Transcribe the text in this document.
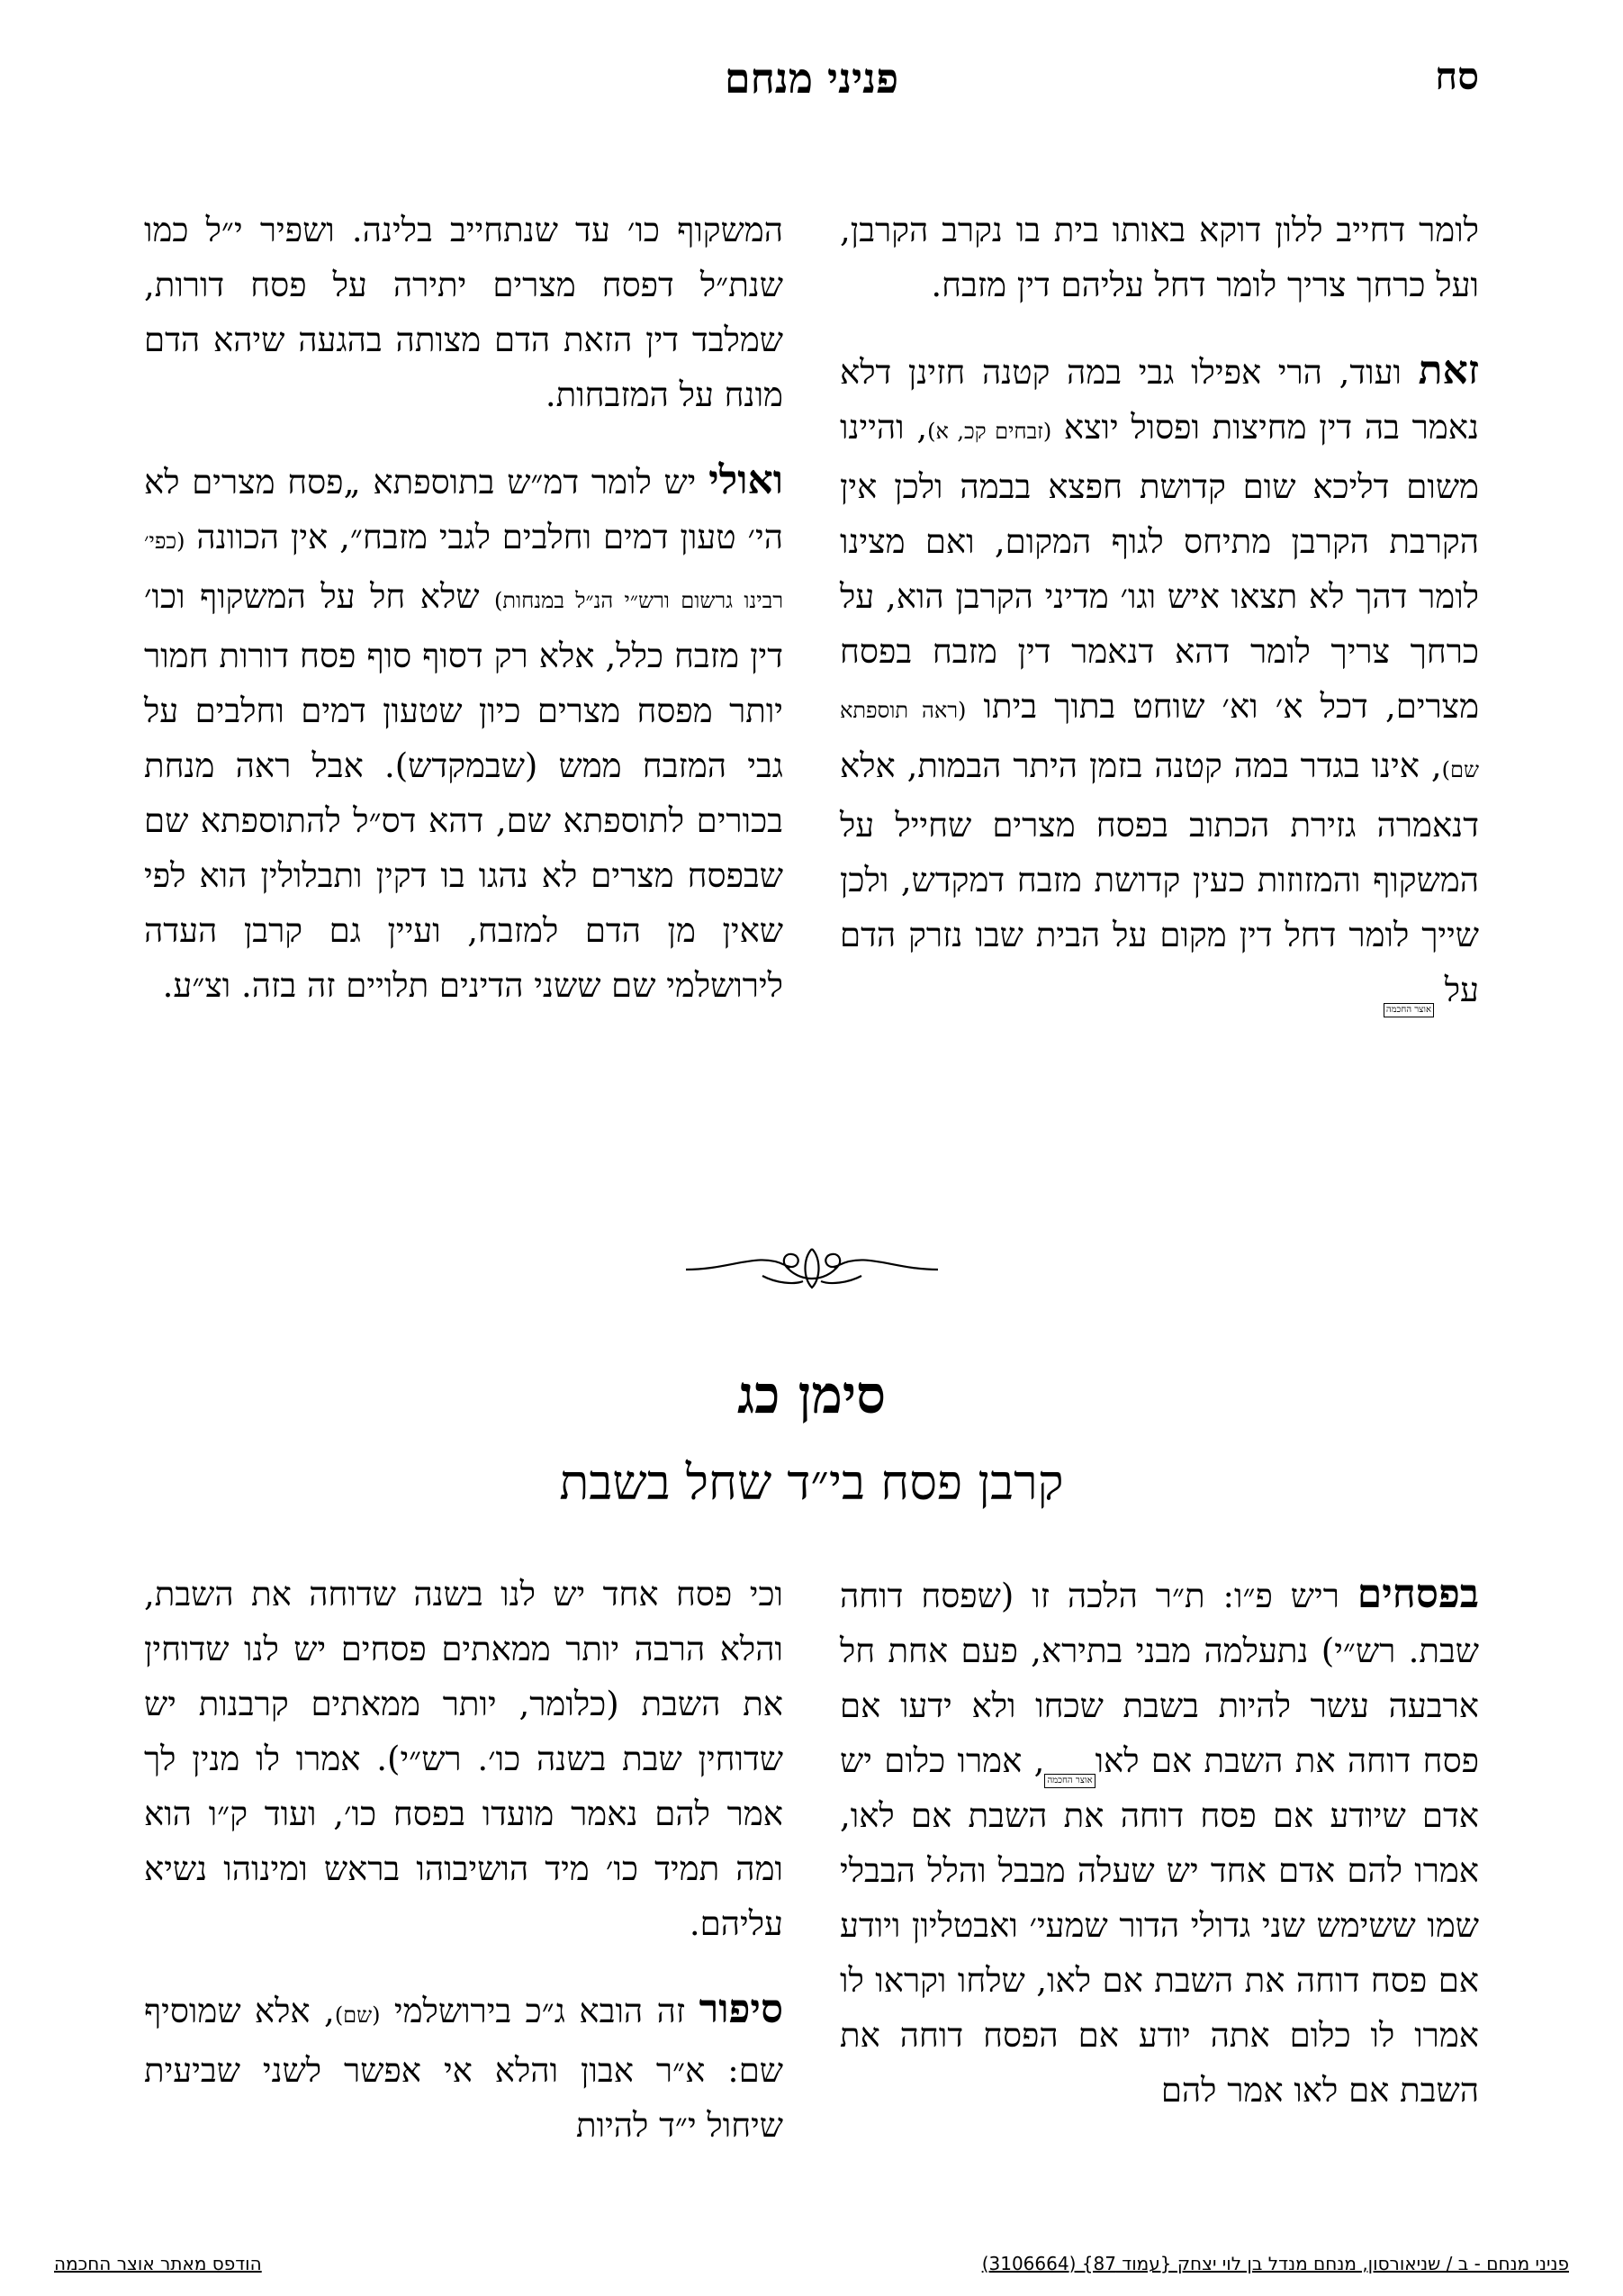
סח
פניני מנחם

לומר דחייב ללון דוקא באותו בית בו נקרב הקרבן, ועל כרחך צריך לומר דחל עליהם דין מזבח.

זאת ועוד, הרי אפילו גבי במה קטנה חזינן דלא נאמר בה דין מחיצות ופסול יוצא (זבחים קכ, א), והיינו משום דליכא שום קדושת חפצא בבמה ולכן אין הקרבת הקרבן מתיחס לגוף המקום, ואם מצינו לומר דהך לא תצאו איש וגו׳ מדיני הקרבן הוא, על כרחך צריך לומר דהא דנאמר דין מזבח בפסח מצרים, דכל א׳ וא׳ שוחט בתוך ביתו (ראה תוספתא שם), אינו בגדר במה קטנה בזמן היתר הבמות, אלא דנאמרה גזירת הכתוב בפסח מצרים שחייל על המשקוף והמזוזות כעין קדושת מזבח דמקדש, ולכן שייך לומר דחל דין מקום על הבית שבו נזרק הדם על אוצר החכמה

המשקוף כו׳ עד שנתחייב בלינה. ושפיר י״ל כמו שנת״ל דפסח מצרים יתירה על פסח דורות, שמלבד דין הזאת הדם מצותה בהגעה שיהא הדם מונח על המזבחות.

ואולי יש לומר דמ״ש בתוספתא „פסח מצרים לא הי׳ טעון דמים וחלבים לגבי מזבח״, אין הכוונה (כפי׳ רבינו גרשום ורש״י הנ״ל במנחות) שלא חל על המשקוף וכו׳ דין מזבח כלל, אלא רק דסוף סוף פסח דורות חמור יותר מפסח מצרים כיון שטעון דמים וחלבים על גבי המזבח ממש (שבמקדש). אבל ראה מנחת בכורים לתוספתא שם, דהא דס״ל להתוספתא שם שבפסח מצרים לא נהגו בו דקין ותבלולין הוא לפי שאין מן הדם למזבח, ועיין גם קרבן העדה לירושלמי שם ששני הדינים תלויים זה בזה. וצ״ע.

סימן כג
קרבן פסח בי״ד שחל בשבת

בפסחים ריש פ״ו: ת״ר הלכה זו (שפסח דוחה שבת. רש״י) נתעלמה מבני בתירא, פעם אחת חל ארבעה עשר להיות בשבת שכחו ולא ידעו אם פסח דוחה את השבת אם לאואוצר החכמה, אמרו כלום יש אדם שיודע אם פסח דוחה את השבת אם לאו, אמרו להם אדם אחד יש שעלה מבבל והלל הבבלי שמו ששימש שני גדולי הדור שמעי׳ ואבטליון ויודע אם פסח דוחה את השבת אם לאו, שלחו וקראו לו אמרו לו כלום אתה יודע אם הפסח דוחה את השבת אם לאו אמר להם

וכי פסח אחד יש לנו בשנה שדוחה את השבת, והלא הרבה יותר ממאתים פסחים יש לנו שדוחין את השבת (כלומר, יותר ממאתים קרבנות יש שדוחין שבת בשנה כו׳. רש״י). אמרו לו מנין לך אמר להם נאמר מועדו בפסח כו׳, ועוד ק״ו הוא ומה תמיד כו׳ מיד הושיבוהו בראש ומינוהו נשיא עליהם.

סיפור זה הובא ג״כ בירושלמי (שם), אלא שמוסיף שם: א״ר אבון והלא אי אפשר לשני שביעית שיחול י״ד להיות

פניני מנחם - ב / שניאורסון, מנחם מנדל בן לוי יצחק {עמוד 87} (3106664)
הודפס מאתר אוצר החכמה
